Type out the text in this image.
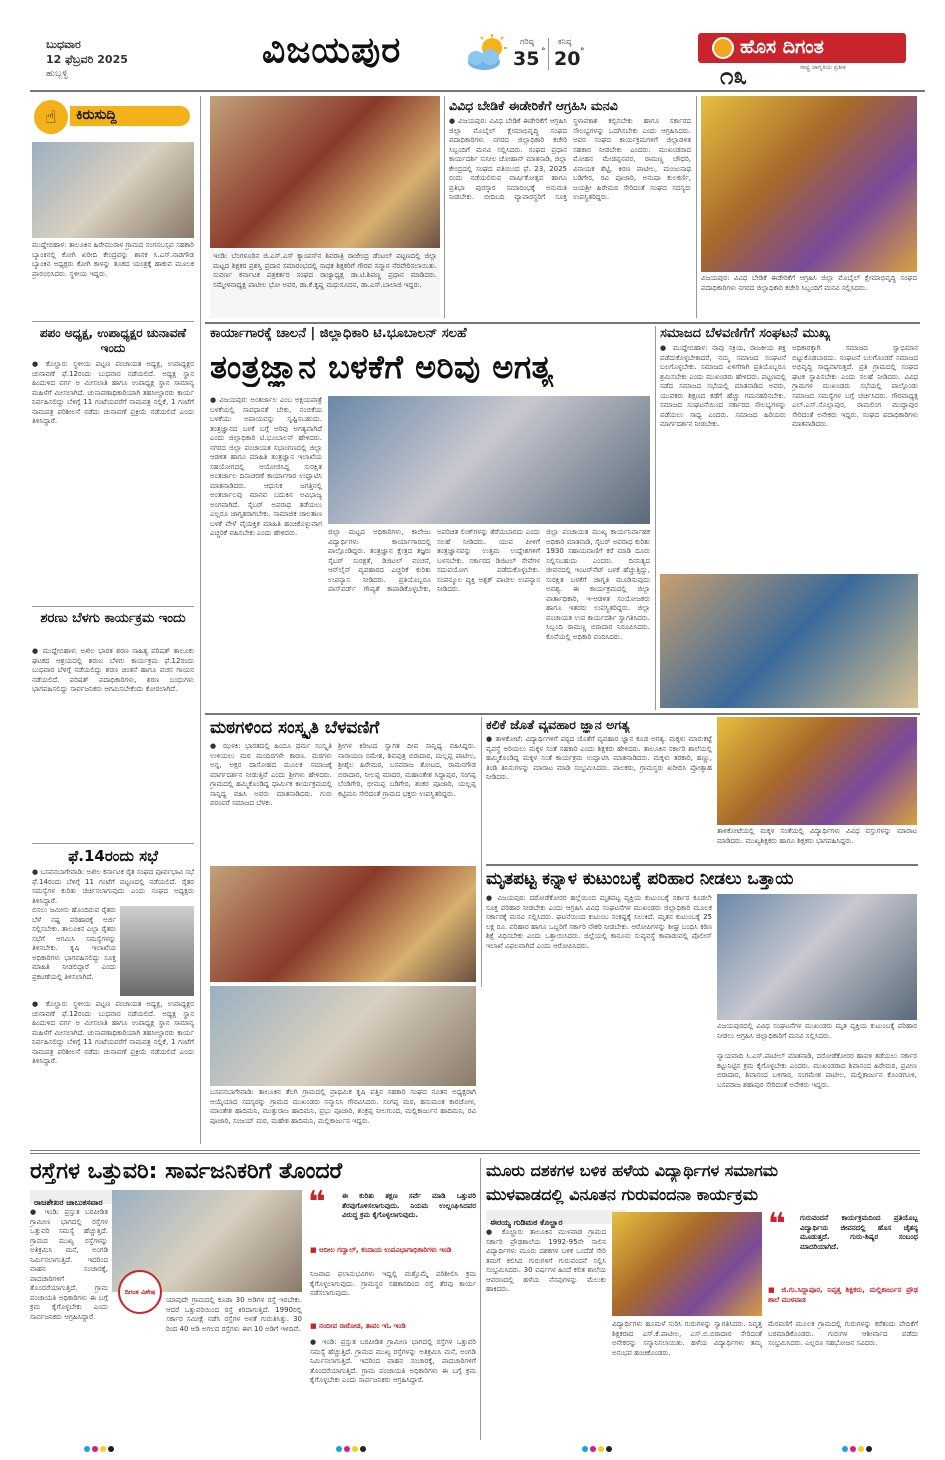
ಬುಧವಾರ
12 ಫೆಬ್ರವರಿ 2025
ಹುಬ್ಬಳ್ಳಿ
ವಿಜಯಪುರ	ಗರಿಷ್ಠ
35 °
ಕನಿಷ್ಠ
20 °	ಹೊಸ ದಿಗಂತ
ರಾಷ್ಟ್ರ ಜಾಗೃತಿಯ ಪ್ರತೀಕ
೧೩
☝	ಕಿರುಸುದ್ದಿ
ಮುದ್ದೇಬಿಹಾಳ: ತಾಲೂಕಿನ ಹಿರೇಮುರಾಳ ಗ್ರಾಮದ ಸಂಗನಬಸ್ಸವ ಸಹಕಾರಿ ಬ್ಯಾಂಕಿನಲ್ಲಿ ಕೋಗಿ ಖರೀದಿ ಕೇಂದ್ರವನ್ನು ಶಾಸಕ ಸಿ.ಎಸ್.ನಾಡಗೌಡ ಬ್ಯಾಂಕಿನ ಅಧ್ಯಕ್ಷರು ಕೋಗಿ ಕಾಳನ್ನು ತೂಕದ ಯಂತ್ರಕ್ಕೆ ಹಾಕುವ ಮೂಲಕ ಪ್ರಾರಂಭಿಸಿದರು. ಸ್ಥಳೀಯ ಇದ್ದರು.
ಪಪಂ ಅಧ್ಯಕ್ಷ, ಉಪಾಧ್ಯಕ್ಷರ ಚುನಾವಣೆ ಇಂದು
● ಕೊಲ್ಹಾರ: ಸ್ಥಳೀಯ ಪಟ್ಟಣ ಪಂಚಾಯತ ಅಧ್ಯಕ್ಷ, ಉಪಾಧ್ಯಕ್ಷರ ಚುನಾವಣೆ ಫೆ.12ರಂದು ಬುಧವಾರ ನಡೆಯಲಿದೆ. ಅಧ್ಯಕ್ಷ ಸ್ಥಾನ ಹಿಂದುಳಿದ ವರ್ಗ ಅ ಮೀಸಲಾತಿ ಹಾಗೂ ಉಪಾಧ್ಯಕ್ಷ ಸ್ಥಾನ ಸಾಮಾನ್ಯ ಮಹಿಳೆಗೆ ಮೀಸಲಾಗಿದೆ. ಚುನಾವಣಾಧಿಕಾರಿಯಾಗಿ ತಹಸೀಲ್ದಾರರು ಕಾರ್ಯ ನಿರ್ವಹಿಸಲಿದ್ದು ಬೆಳಿಗ್ಗೆ 11 ಗಂಟೆಯವರೆಗೆ ನಾಮಪತ್ರ ಸಲ್ಲಿಕೆ, 1 ಗಂಟೆಗೆ ನಾಮಪತ್ರ ಪರಿಶೀಲನೆ ನಡೆದು ಚುನಾವಣೆ ಪ್ರಕ್ರಿಯೆ ನಡೆಯಲಿದೆ ಎಂದು ತಿಳಿಸಿದ್ದಾರೆ.
ಶರಣು ಬೆಳಗು ಕಾರ್ಯಕ್ರಮ ಇಂದು
● ಮುದ್ದೇಬಿಹಾಳ: ಅಖಿಲ ಭಾರತ ಶರಣ ಸಾಹಿತ್ಯ ಪರಿಷತ್ ತಾಲೂಕು ಘಟಕದ ಆಶ್ರಯದಲ್ಲಿ ಶರಣು ಬೆಳಗು ಕಾರ್ಯಕ್ರಮ ಫೆ.12ರಂದು ಬುಧವಾರ ಬೆಳಿಗ್ಗೆ ನಡೆಯಲಿದ್ದು ಶರಣ ಚಿಂತನೆ ಹಾಗೂ ವಚನ ಗಾಯನ ನಡೆಯಲಿದೆ. ಪರಿಷತ್ ಪದಾಧಿಕಾರಿಗಳು, ಶರಣ ಬಂಧುಗಳು ಭಾಗವಹಿಸಲಿದ್ದು ಸಾರ್ವಜನಿಕರು ಆಗಮಿಸಬೇಕೆಂದು ಕೋರಲಾಗಿದೆ.
ಫೆ.14ರಂದು ಸಭೆ
● ಬಸವನಬಾಗೇವಾಡಿ: ಅಖಿಲ ಕರ್ನಾಟಕ ರೈತ ಸಂಘದ ಪೂರ್ವಭಾವಿ ಸಭೆ ಫೆ.14ರಂದು ಬೆಳಿಗ್ಗೆ 11 ಗಂಟೆಗೆ ಪಟ್ಟಣದಲ್ಲಿ ನಡೆಯಲಿದೆ. ರೈತರ ಸಮಸ್ಯೆಗಳ ಕುರಿತು ಚರ್ಚಿಸಲಾಗುವುದು ಎಂದು ಸಂಘದ ಅಧ್ಯಕ್ಷರು ತಿಳಿಸಿದ್ದಾರೆ.
ಬಿಸಲು ಜಮೀನು ಹೊಂದಿರುವ ರೈತರು ಬೆಳೆ ನಷ್ಟ ಪರಿಹಾರಕ್ಕೆ ಅರ್ಜಿ ಸಲ್ಲಿಸಬೇಕು. ತಾಲೂಕಿನ ಎಲ್ಲಾ ರೈತರು ಸಭೆಗೆ ಆಗಮಿಸಿ ಸಮಸ್ಯೆಗಳನ್ನು ತಿಳಿಸಬೇಕು. ಕೃಷಿ ಇಲಾಖೆಯ ಅಧಿಕಾರಿಗಳು ಭಾಗವಹಿಸಲಿದ್ದು ಸೂಕ್ತ ಮಾಹಿತಿ ನೀಡಲಿದ್ದಾರೆ ಎಂದು ಪ್ರಕಟಣೆಯಲ್ಲಿ ತಿಳಿಸಲಾಗಿದೆ.
● ಕೊಲ್ಹಾರ: ಸ್ಥಳೀಯ ಪಟ್ಟಣ ಪಂಚಾಯತ ಅಧ್ಯಕ್ಷ, ಉಪಾಧ್ಯಕ್ಷರ ಚುನಾವಣೆ ಫೆ.12ರಂದು ಬುಧವಾರ ನಡೆಯಲಿದೆ. ಅಧ್ಯಕ್ಷ ಸ್ಥಾನ ಹಿಂದುಳಿದ ವರ್ಗ ಅ ಮೀಸಲಾತಿ ಹಾಗೂ ಉಪಾಧ್ಯಕ್ಷ ಸ್ಥಾನ ಸಾಮಾನ್ಯ ಮಹಿಳೆಗೆ ಮೀಸಲಾಗಿದೆ. ಚುನಾವಣಾಧಿಕಾರಿಯಾಗಿ ತಹಸೀಲ್ದಾರರು ಕಾರ್ಯ ನಿರ್ವಹಿಸಲಿದ್ದು ಬೆಳಿಗ್ಗೆ 11 ಗಂಟೆಯವರೆಗೆ ನಾಮಪತ್ರ ಸಲ್ಲಿಕೆ, 1 ಗಂಟೆಗೆ ನಾಮಪತ್ರ ಪರಿಶೀಲನೆ ನಡೆದು ಚುನಾವಣೆ ಪ್ರಕ್ರಿಯೆ ನಡೆಯಲಿದೆ ಎಂದು ತಿಳಿಸಿದ್ದಾರೆ.
ಇಂಡಿ: ಬೆಂಗಳೂರಿನ ಜಿ.ಎಸ್.ಎಸ್ ಕ್ಯಾಂಪಸ್‌ನ ಶಿವರಾತ್ರಿ ರಾಜೇಂದ್ರ ಡೆಂಟಲ್ ಪಟ್ಟಣದಲ್ಲಿ ಜಿಲ್ಲಾ ಮಟ್ಟದ ಶಿಕ್ಷಕರ ಪ್ರಶಸ್ತಿ ಪ್ರದಾನ ಸಮಾರಂಭದಲ್ಲಿ ಸಾಧಕ ಶಿಕ್ಷಕರಿಗೆ ಗೌರವ ಸನ್ಮಾನ ನೆರವೇರಿಸಲಾಯಿತು. ಸುವರ್ಣ ಕರ್ನಾಟಕ ಪತ್ರಕರ್ತರ ಸಂಘದ ರಾಜ್ಯಾಧ್ಯಕ್ಷ ಡಾ.ಟಿ.ಶಿವಣ್ಣ ಪ್ರಧಾನ ಮಾಡಿದರು. ಸಮ್ಮೇಳನಾಧ್ಯಕ್ಷ ಪಾಟೀಲ ಭೋ ಅವರ, ಡಾ.ಕೆ.ಕೃಷ್ಣ ಮಧುಸೂದನ, ಡಾ.ಎಸ್.ಬಾಲಾಜಿ ಇದ್ದರು.
ವಿವಿಧ ಬೇಡಿಕೆ ಈಡೇರಿಕೆಗೆ ಆಗ್ರಹಿಸಿ ಮನವಿ
● ವಿಜಯಪುರ: ವಿವಿಧ ಬೇಡಿಕೆ ಈಡೇರಿಕೆಗೆ ಆಗ್ರಹಿಸಿ ಜಿಲ್ಲಾ ಮೊಬೈಲ್ ಕ್ಷೇಮಾಭಿವೃದ್ಧಿ ಸಂಘದ ಪದಾಧಿಕಾರಿಗಳು ನಗರದ ಜಿಲ್ಲಾಧಿಕಾರಿ ಕಚೇರಿ ಸಿಬ್ಬಂದಿಗೆ ಮನವಿ ಸಲ್ಲಿಸಿದರು. ಸಂಘದ ಪ್ರಧಾನ ಕಾರ್ಯದರ್ಶಿ ಸುನೀಲ ಚೋಹಾನ್ ಮಾತನಾಡಿ, ಜಿಲ್ಲಾ ಕೇಂದ್ರದಲ್ಲಿ ಸಂಘದ ವತಿಯಿಂದ ಫೆ. 23, 2025 ರಂದು ನಡೆಯಲಿರುವ ವಾರ್ಷಿಕೋತ್ಸವ ಹಾಗೂ ಪ್ರತಿಭಾ ಪುರಸ್ಕಾರ ಸಮಾರಂಭಕ್ಕೆ ಅನುಮತಿ ನೀಡಬೇಕು. ಬೀದಿಬದಿ ವ್ಯಾಪಾರಸ್ಥರಿಗೆ ಸೂಕ್ತ ಸ್ಥಳಾವಕಾಶ ಕಲ್ಪಿಸಬೇಕು ಹಾಗೂ ಸರ್ಕಾರದ ಸೌಲಭ್ಯಗಳನ್ನು ಒದಗಿಸಬೇಕು ಎಂದು ಆಗ್ರಹಿಸಿದರು. ಅವರ ಸಂಘದ ಕಾರ್ಯಕ್ರಮಗಳಿಗೆ ಜಿಲ್ಲಾಡಳಿತ ಸಹಕಾರ ನೀಡಬೇಕು ಎಂದರು. ಮುಖಂಡರಾದ ಮೋಹನ ಮೇಡಪ್ಪನವರ, ರಾಮಣ್ಣ ಚೌಧರಿ, ವಿನಾಯಕ ಶೆಟ್ಟಿ, ಕಿರಣ ಪಾಟೀಲ, ಮಂಜುನಾಥ ಬಡಿಗೇರ, ರವಿ ಪೂಜಾರಿ, ಅನುಷಾ ಕುಲಕರ್ಣಿ, ಜಯಶ್ರೀ ಹಿರೇಮಠ ಸೇರಿದಂತೆ ಸಂಘದ ಸದಸ್ಯರು ಉಪಸ್ಥಿತರಿದ್ದರು.
ವಿಜಯಪುರ: ವಿವಿಧ ಬೇಡಿಕೆ ಈಡೇರಿಕೆಗೆ ಆಗ್ರಹಿಸಿ ಜಿಲ್ಲಾ ಮೊಬೈಲ್ ಕ್ಷೇಮಾಭಿವೃದ್ಧಿ ಸಂಘದ ಪದಾಧಿಕಾರಿಗಳು ನಗರದ ಜಿಲ್ಲಾಧಿಕಾರಿ ಕಚೇರಿ ಸಿಬ್ಬಂದಿಗೆ ಮನವಿ ಸಲ್ಲಿಸಿದರು.
ಕಾರ್ಯಾಗಾರಕ್ಕೆ ಚಾಲನೆ | ಜಿಲ್ಲಾಧಿಕಾರಿ ಟಿ.ಭೂಬಾಲನ್ ಸಲಹೆ
ತಂತ್ರಜ್ಞಾನ ಬಳಕೆಗೆ ಅರಿವು ಅಗತ್ಯ
● ವಿಜಯಪುರ: ಅಂತರ್ಜಾಲ ಎಂಬ ಅಕ್ಷಯಪಾತ್ರೆ ಬಳಕೆಯಲ್ಲಿ ಸಾವಧಾನತೆ ಬೇಕು, ನಂಬಿಕೆಯ ಬಳಕೆಯು ಅಪಾಯವನ್ನು ಸೃಷ್ಟಿಸಬಹುದು. ತಂತ್ರಜ್ಞಾನದ ಬಳಕೆ ಬಗ್ಗೆ ಅರಿವು ಅಗತ್ಯವಾಗಿದೆ ಎಂದು ಜಿಲ್ಲಾಧಿಕಾರಿ ಟಿ.ಭೂಬಾಲನ್ ಹೇಳಿದರು. ನಗರದ ಜಿಲ್ಲಾ ಪಂಚಾಯತ ಸಭಾಂಗಣದಲ್ಲಿ ಜಿಲ್ಲಾ ಆಡಳಿತ ಹಾಗೂ ಮಾಹಿತಿ ತಂತ್ರಜ್ಞಾನ ಇಲಾಖೆಯ ಸಹಯೋಗದಲ್ಲಿ ಆಯೋಜಿಸಿದ್ದ ಸುರಕ್ಷಿತ ಅಂತರ್ಜಾಲ ದಿನಾಚರಣೆ ಕಾರ್ಯಾಗಾರ ಉದ್ಘಾಟಿಸಿ ಮಾತನಾಡಿದರು. ಆಧುನಿಕ ಜಗತ್ತಿನಲ್ಲಿ ಅಂತರ್ಜಾಲವು ಮಾನವ ಬದುಕಿನ ಅವಿಭಾಜ್ಯ ಅಂಗವಾಗಿದೆ. ಸೈಬರ್ ಅಪರಾಧ ತಡೆಯಲು ಎಲ್ಲರೂ ಜಾಗೃತರಾಗಬೇಕು. ಸಾಮಾಜಿಕ ಜಾಲತಾಣ ಬಳಕೆ ವೇಳೆ ವೈಯಕ್ತಿಕ ಮಾಹಿತಿ ಹಂಚಿಕೊಳ್ಳುವಾಗ ಎಚ್ಚರಿಕೆ ವಹಿಸಬೇಕು ಎಂದು ಹೇಳಿದರು.	ಜಿಲ್ಲಾ ಮಟ್ಟದ ಅಧಿಕಾರಿಗಳು, ಕಾಲೇಜು ವಿದ್ಯಾರ್ಥಿಗಳು ಕಾರ್ಯಾಗಾರದಲ್ಲಿ ಪಾಲ್ಗೊಂಡಿದ್ದರು. ತಂತ್ರಜ್ಞಾನ ಕ್ಷೇತ್ರದ ತಜ್ಞರು ಸೈಬರ್ ಸುರಕ್ಷತೆ, ಡಿಜಿಟಲ್ ವಂಚನೆ, ಆನ್‌ಲೈನ್ ವ್ಯವಹಾರದ ಎಚ್ಚರಿಕೆ ಕುರಿತು ಉಪನ್ಯಾಸ ನೀಡಿದರು. ಪ್ರತಿಯೊಬ್ಬರೂ ಪಾಸ್‌ವರ್ಡ್ ಗೌಪ್ಯತೆ ಕಾಪಾಡಿಕೊಳ್ಳಬೇಕು, ಅಪರಿಚಿತ ಲಿಂಕ್‌ಗಳನ್ನು ತೆರೆಯಬಾರದು ಎಂದು ಸಲಹೆ ನೀಡಿದರು. ಯುವ ಪೀಳಿಗೆ ತಂತ್ರಜ್ಞಾನವನ್ನು ಉತ್ತಮ ಉದ್ದೇಶಗಳಿಗೆ ಬಳಸಬೇಕು. ಸರ್ಕಾರದ ಡಿಜಿಟಲ್ ಸೇವೆಗಳ ಸದುಪಯೋಗ ಪಡೆದುಕೊಳ್ಳಬೇಕು. ಸಂಪನ್ಮೂಲ ವ್ಯಕ್ತಿ ಅಶ್ಪಕ್ ಪಾಟೀಲ ಉಪನ್ಯಾಸ ನೀಡಿದರು.
ಜಿಲ್ಲಾ ಪಂಚಾಯತ ಮುಖ್ಯ ಕಾರ್ಯನಿರ್ವಾಹಕ ಅಧಿಕಾರಿ ಮಾತನಾಡಿ, ಸೈಬರ್ ಅಪರಾಧ ಕುರಿತು 1930 ಸಹಾಯವಾಣಿಗೆ ಕರೆ ಮಾಡಿ ದೂರು ಸಲ್ಲಿಸಬಹುದು ಎಂದರು. ದಿನನಿತ್ಯದ ಜೀವನದಲ್ಲಿ ಇಂಟರ್‌ನೆಟ್ ಬಳಕೆ ಹೆಚ್ಚುತ್ತಿದ್ದು, ಸುರಕ್ಷಿತ ಬಳಕೆಗೆ ಜಾಗೃತಿ ಮೂಡಿಸುವುದು ಅವಶ್ಯ. ಈ ಕಾರ್ಯಕ್ರಮದಲ್ಲಿ ಜಿಲ್ಲಾ ವಾರ್ತಾಧಿಕಾರಿ, ಇ-ಆಡಳಿತ ಸಂಯೋಜಕರು ಹಾಗೂ ಇತರರು ಉಪಸ್ಥಿತರಿದ್ದರು. ಜಿಲ್ಲಾ ಪಂಚಾಯತ ಉಪ ಕಾರ್ಯದರ್ಶಿ ಸ್ವಾಗತಿಸಿದರು. ಸಿಬ್ಬಂದಿ ರಾಮಣ್ಣ ಬಿರಾದಾರ ನಿರೂಪಿಸಿದರು. ಕೊನೆಯಲ್ಲಿ ಅಧಿಕಾರಿ ವಂದಿಸಿದರು.
ಸಮಾಜದ ಬೆಳವಣಿಗೆಗೆ ಸಂಘಟನೆ ಮುಖ್ಯ
● ಮುದ್ದೇಬಿಹಾಳ: ನಾವು ಸಕ್ರಿಯ, ರಾಜಕೀಯ ಶಕ್ತಿ ಪಡೆದುಕೊಳ್ಳಬೇಕಾದರೆ, ನಮ್ಮ ಸಮಾಜದ ಸಂಘಟನೆ ಬಲಗೊಳ್ಳಬೇಕು. ಸಮಾಜದ ಏಳಿಗೆಗಾಗಿ ಪ್ರತಿಯೊಬ್ಬರೂ ಶ್ರಮಿಸಬೇಕು ಎಂದು ಮುಖಂಡರು ಹೇಳಿದರು. ಪಟ್ಟಣದಲ್ಲಿ ನಡೆದ ಸಮಾಜದ ಸಭೆಯಲ್ಲಿ ಮಾತನಾಡಿದ ಅವರು, ಯುವಕರು ಶಿಕ್ಷಣದ ಕಡೆಗೆ ಹೆಚ್ಚು ಗಮನಹರಿಸಬೇಕು. ಸಮಾಜದ ಸಂಘಟನೆಯಿಂದ ಸರ್ಕಾರದ ಸೌಲಭ್ಯಗಳನ್ನು ಪಡೆಯಲು ಸಾಧ್ಯ ಎಂದರು. ಸಮಾಜದ ಹಿರಿಯರು ಮಾರ್ಗದರ್ಶನ ನೀಡಬೇಕು.
ಅಧಿಕಾರಕ್ಕಾಗಿ ಸಮಾಜದ ಸ್ವಾಭಿಮಾನ ಬಿಟ್ಟುಕೊಡಬಾರದು. ಸಂಘಟನೆ ಬಲಗೊಂಡರೆ ಸಮಾಜದ ಅಭಿವೃದ್ಧಿ ಸಾಧ್ಯವಾಗುತ್ತದೆ. ಪ್ರತಿ ಗ್ರಾಮದಲ್ಲಿ ಸಂಘದ ಘಟಕ ಸ್ಥಾಪಿಸಬೇಕು ಎಂದು ಸಲಹೆ ನೀಡಿದರು. ವಿವಿಧ ಗ್ರಾಮಗಳ ಮುಖಂಡರು ಸಭೆಯಲ್ಲಿ ಪಾಲ್ಗೊಂಡು ಸಮಾಜದ ಸಮಸ್ಯೆಗಳ ಬಗ್ಗೆ ಚರ್ಚಿಸಿದರು. ಗೌರವಾಧ್ಯಕ್ಷ ಎಲ್.ಎಸ್.ಸೊಲ್ಲಾಪುರ, ರಾಮಲಿಂಗ ಮುದ್ದಾಪುರ ಸೇರಿದಂತೆ ಅನೇಕರು ಇದ್ದರು. ಸಂಘದ ಪದಾಧಿಕಾರಿಗಳು ಮಾತನಾಡಿದರು.
ಮಠಗಳಿಂದ ಸಂಸ್ಕೃತಿ ಬೆಳವಣಿಗೆ
● ಝಳಕಿ: ಭಾರತದಲ್ಲಿ ಹಿಂದೂ ಧರ್ಮ ಸಂಸ್ಕೃತಿ ಉಳಿಯಲು ಮಠ ಮಂದಿರಗಳೇ ಕಾರಣ. ಮಠಗಳು ಅನ್ನ, ಅಕ್ಷರ ದಾಸೋಹದ ಮೂಲಕ ಸಮಾಜಕ್ಕೆ ಮಾರ್ಗದರ್ಶನ ನೀಡುತ್ತಿವೆ ಎಂದು ಶ್ರೀಗಳು ಹೇಳಿದರು. ಗ್ರಾಮದಲ್ಲಿ ಹಮ್ಮಿಕೊಂಡಿದ್ದ ಧಾರ್ಮಿಕ ಕಾರ್ಯಕ್ರಮದಲ್ಲಿ ಸಾನ್ನಿಧ್ಯ ವಹಿಸಿ ಅವರು ಮಾತನಾಡಿದರು. ಗುರು ಪರಂಪರೆ ಸಮಾಜದ ಬೆಳಕು.
ಶ್ರೀಗಳ ಕಿರೀಟದ ಸ್ವಾಗತ ದೀಪ ಸಾನ್ನಿಧ್ಯ ವಹಿಸಿದ್ದರು. ನಾರಾಯಣ ರಮೇಶ, ಶಿವಪುತ್ರ ಬಿರಾದಾರ, ಮಲ್ಲಪ್ಪ ಪಾಟೀಲ, ಶ್ರೀಶೈಲ ಹಿರೇಮಠ, ಬಸವರಾಜ ತೋಟದ, ರಾಮನಗೌಡ ಬಿರಾದಾರ, ನೀಲಪ್ಪ ಮಾದರ, ಮಹಾಂತೇಶ ಸಿದ್ದಾಪುರ, ಸಂಗಪ್ಪ ಬೆಂಡಿಗೇರಿ, ಭೀಮಪ್ಪ ಬಡಿಗೇರ, ಶಂಕರ ಪೂಜಾರಿ, ಯಲ್ಲಪ್ಪ ಕಟ್ಟಿಮನಿ ಸೇರಿದಂತೆ ಗ್ರಾಮದ ಭಕ್ತರು ಉಪಸ್ಥಿತರಿದ್ದರು.
ಕಲಿಕೆ ಜೊತೆ ವ್ಯವಹಾರ ಜ್ಞಾನ ಅಗತ್ಯ
● ತಾಳಿಕೋಟೆ: ವಿದ್ಯಾರ್ಥಿಗಳಿಗೆ ಪಠ್ಯದ ಜೊತೆಗೆ ವ್ಯವಹಾರ ಜ್ಞಾನ ಕೂಡ ಅಗತ್ಯ. ಮಕ್ಕಳು ಮಾರುಕಟ್ಟೆ ವ್ಯವಸ್ಥೆ ಅರಿಯಲು ಮಕ್ಕಳ ಸಂತೆ ಸಹಕಾರಿ ಎಂದು ಶಿಕ್ಷಕರು ಹೇಳಿದರು. ತಾಲೂಕಿನ ಸರ್ಕಾರಿ ಶಾಲೆಯಲ್ಲಿ ಹಮ್ಮಿಕೊಂಡಿದ್ದ ಮಕ್ಕಳ ಸಂತೆ ಕಾರ್ಯಕ್ರಮ ಉದ್ಘಾಟಿಸಿ ಮಾತನಾಡಿದರು. ಮಕ್ಕಳು ತರಕಾರಿ, ಹಣ್ಣು, ತಿಂಡಿ ತಿನಿಸುಗಳನ್ನು ಮಾರಾಟ ಮಾಡಿ ಸಂಭ್ರಮಿಸಿದರು. ಪಾಲಕರು, ಗ್ರಾಮಸ್ಥರು ಖರೀದಿಸಿ ಪ್ರೋತ್ಸಾಹ ನೀಡಿದರು.
ತಾಳಿಕೋಟೆಯಲ್ಲಿ ಮಕ್ಕಳ ಸಂತೆಯಲ್ಲಿ ವಿದ್ಯಾರ್ಥಿಗಳು ವಿವಿಧ ವಸ್ತುಗಳನ್ನು ಮಾರಾಟ ಮಾಡಿದರು. ಮುಖ್ಯಶಿಕ್ಷಕರು ಹಾಗೂ ಶಿಕ್ಷಕರು ಭಾಗವಹಿಸಿದ್ದರು.
ಮೃತಪಟ್ಟ ಕನ್ನಾಳ ಕುಟುಂಬಕ್ಕೆ ಪರಿಹಾರ ನೀಡಲು ಒತ್ತಾಯ
● ವಿಜಯಪುರ: ದರೋಡೆಕೋರರ ಹಲ್ಲೆಯಿಂದ ಮೃತಪಟ್ಟ ವ್ಯಕ್ತಿಯ ಕುಟುಂಬಕ್ಕೆ ಸರ್ಕಾರ ಕೂಡಲೇ ಸೂಕ್ತ ಪರಿಹಾರ ನೀಡಬೇಕು ಎಂದು ಆಗ್ರಹಿಸಿ ವಿವಿಧ ಸಂಘಟನೆಗಳ ಮುಖಂಡರು ಜಿಲ್ಲಾಧಿಕಾರಿ ಮೂಲಕ ಸರ್ಕಾರಕ್ಕೆ ಮನವಿ ಸಲ್ಲಿಸಿದರು. ಘಟನೆಯಿಂದ ಕುಟುಂಬ ಸಂಕಷ್ಟಕ್ಕೆ ಸಿಲುಕಿದೆ. ಮೃತನ ಕುಟುಂಬಕ್ಕೆ 25 ಲಕ್ಷ ರೂ. ಪರಿಹಾರ ಹಾಗೂ ಒಬ್ಬರಿಗೆ ಸರ್ಕಾರಿ ನೌಕರಿ ನೀಡಬೇಕು. ಆರೋಪಿಗಳನ್ನು ಶೀಘ್ರ ಬಂಧಿಸಿ ಕಠಿಣ ಶಿಕ್ಷೆ ವಿಧಿಸಬೇಕು ಎಂದು ಒತ್ತಾಯಿಸಿದರು. ಜಿಲ್ಲೆಯಲ್ಲಿ ಕಾನೂನು ಸುವ್ಯವಸ್ಥೆ ಕಾಪಾಡುವಲ್ಲಿ ಪೊಲೀಸ್ ಇಲಾಖೆ ವಿಫಲವಾಗಿದೆ ಎಂದು ಆರೋಪಿಸಿದರು.
ವಿಜಯಪುರದಲ್ಲಿ ವಿವಿಧ ಸಂಘಟನೆಗಳ ಮುಖಂಡರು ಮೃತ ವ್ಯಕ್ತಿಯ ಕುಟುಂಬಕ್ಕೆ ಪರಿಹಾರ ನೀಡಲು ಆಗ್ರಹಿಸಿ ಜಿಲ್ಲಾಧಿಕಾರಿಗೆ ಮನವಿ ಸಲ್ಲಿಸಿದರು.
ನ್ಯಾಯವಾದಿ ಸಿ.ಎಸ್.ಪಾಟೀಲ್ ಮಾತನಾಡಿ, ದರೋಡೆಕೋರರ ಹಾವಳಿ ತಡೆಯಲು ಸರ್ಕಾರ ಕಟ್ಟುನಿಟ್ಟಿನ ಕ್ರಮ ಕೈಗೊಳ್ಳಬೇಕು ಎಂದರು. ಮುಖಂಡರಾದ ಶಿವಾನಂದ ಹಿರೇಮಠ, ಪ್ರವೀಣ ಬಿರಾದಾರ, ಶಿವಾನಂದ ಬಳಿಗಾರ, ಸಂಗಮೇಶ ಪಾಟೀಲ, ಮಲ್ಲಿಕಾರ್ಜುನ ಕೊಂಡಗೂಳಿ, ಬಸವರಾಜ ಶಹಾಪುರ ಸೇರಿದಂತೆ ಅನೇಕರು ಇದ್ದರು.
ಬಸವನಬಾಗೇವಾಡಿ: ತಾಲೂಕಿನ ತೆಲಗಿ ಗ್ರಾಮದಲ್ಲಿ ಪ್ರಾಥಮಿಕ ಕೃಷಿ ಪತ್ತಿನ ಸಹಕಾರಿ ಸಂಘದ ನೂತನ ಅಧ್ಯಕ್ಷರಾಗಿ ಆಯ್ಕೆಯಾದ ಸದಸ್ಯರನ್ನು ಗ್ರಾಮದ ಮುಖಂಡರು ಸನ್ಮಾನಿಸಿ ಗೌರವಿಸಿದರು. ಸಂಗಪ್ಪ ಮಠ, ಹನುಮಂತ ಕಾರಜೋಳ, ಮಾಂತೇಶ ಹಾದಿಮನಿ, ಮುತ್ತುರಾಜ ಹಾದಿಮನಿ, ಪ್ರಭು ಪೂಜಾರಿ, ಶಂಕ್ರಪ್ಪ ನೀಲಗುಂದ, ಮಲ್ಲಿಕಾರ್ಜುನ ಹಾದಿಮನಿ, ರವಿ ಪೂಜಾರಿ, ಸಂಜಯ್ ಮಠ, ಮಹೇಶ ಹಾದಿಮನಿ, ಮಲ್ಲಿಕಾರ್ಜುನ ಇದ್ದರು.
ರಸ್ತೆಗಳ ಒತ್ತುವರಿ: ಸಾರ್ವಜನಿಕರಿಗೆ ತೊಂದರೆ
ರಾಜಶೇಖರ ಚಾಬುಕಸವಾರ
● ಇಂಡಿ: ಪ್ರಸ್ತುತ ಬರಪೀಡಿತ ಗ್ರಾಮೀಣ ಭಾಗದಲ್ಲಿ ರಸ್ತೆಗಳ ಒತ್ತುವರಿ ಸಮಸ್ಯೆ ಹೆಚ್ಚುತ್ತಿದೆ. ಗ್ರಾಮದ ಮುಖ್ಯ ರಸ್ತೆಗಳನ್ನು ಅತಿಕ್ರಮಿಸಿ ಮನೆ, ಅಂಗಡಿ ನಿರ್ಮಿಸಲಾಗುತ್ತಿದೆ. ಇದರಿಂದ ವಾಹನ ಸಂಚಾರಕ್ಕೆ, ಪಾದಚಾರಿಗಳಿಗೆ ತೊಂದರೆಯಾಗುತ್ತಿದೆ. ಗ್ರಾಮ ಪಂಚಾಯತಿ ಅಧಿಕಾರಿಗಳು ಈ ಬಗ್ಗೆ ಕ್ರಮ ಕೈಗೊಳ್ಳಬೇಕು ಎಂದು ಸಾರ್ವಜನಿಕರು ಆಗ್ರಹಿಸಿದ್ದಾರೆ.
ದಿಗಂತ ವಿಶೇಷ
ಯಾವುದೇ ಗ್ರಾಮದಲ್ಲಿ ಕೂಡಾ 30 ಅಡಿಗಳ ರಸ್ತೆ ಇರಬೇಕು. ಆದರೆ ಒತ್ತುವರಿಯಿಂದ ರಸ್ತೆ ಕಿರಿದಾಗುತ್ತಿದೆ. 1990ರಲ್ಲಿ ಸರ್ಕಾರ ಸಮೀಕ್ಷೆ ನಡೆಸಿ ರಸ್ತೆಗಳ ಅಳತೆ ಗುರುತಿಸಿತ್ತು. 30 ರಿಂದ 40 ಅಡಿ ಅಗಲದ ರಸ್ತೆಗಳು ಈಗ 10 ಅಡಿಗೆ ಇಳಿದಿವೆ.
❝ ಈ ಕುರಿತು ತಕ್ಷಣ ಸರ್ವೆ ಮಾಡಿ ಒತ್ತುವರಿ ತೆರವುಗೊಳಿಸಲಾಗುವುದು. ನಿಯಮ ಉಲ್ಲಂಘಿಸಿದವರ ವಿರುದ್ಧ ಕ್ರಮ ಕೈಗೊಳ್ಳಲಾಗುವುದು.
■ ಆದೀಲ ಗದ್ವಾಲ್, ಕಂದಾಯ ಉಪವಿಭಾಗಾಧಿಕಾರಿಗಳು ಇಂಡಿ
ನಿಜವಾದ ಫಲಾನುಭವಿಗಳು ಇದ್ದಲ್ಲಿ ಮತ್ತೊಮ್ಮೆ ಪರಿಶೀಲಿಸಿ ಕ್ರಮ ಕೈಗೊಳ್ಳಲಾಗುವುದು. ಗ್ರಾಮಸ್ಥರ ಸಹಕಾರದಿಂದ ರಸ್ತೆ ತೆರವು ಕಾರ್ಯ ನಡೆಸಲಾಗುವುದು.
■ ನಂದೀಪ ರಾಠೋಡ, ತಾಪಂ ಇಓ ಇಂಡಿ
● ಇಂಡಿ: ಪ್ರಸ್ತುತ ಬರಪೀಡಿತ ಗ್ರಾಮೀಣ ಭಾಗದಲ್ಲಿ ರಸ್ತೆಗಳ ಒತ್ತುವರಿ ಸಮಸ್ಯೆ ಹೆಚ್ಚುತ್ತಿದೆ. ಗ್ರಾಮದ ಮುಖ್ಯ ರಸ್ತೆಗಳನ್ನು ಅತಿಕ್ರಮಿಸಿ ಮನೆ, ಅಂಗಡಿ ನಿರ್ಮಿಸಲಾಗುತ್ತಿದೆ. ಇದರಿಂದ ವಾಹನ ಸಂಚಾರಕ್ಕೆ, ಪಾದಚಾರಿಗಳಿಗೆ ತೊಂದರೆಯಾಗುತ್ತಿದೆ. ಗ್ರಾಮ ಪಂಚಾಯತಿ ಅಧಿಕಾರಿಗಳು ಈ ಬಗ್ಗೆ ಕ್ರಮ ಕೈಗೊಳ್ಳಬೇಕು ಎಂದು ಸಾರ್ವಜನಿಕರು ಆಗ್ರಹಿಸಿದ್ದಾರೆ.
ಮೂರು ದಶಕಗಳ ಬಳಿಕ ಹಳೆಯ ವಿದ್ಯಾರ್ಥಿಗಳ ಸಮಾಗಮ
ಮುಳವಾಡದಲ್ಲಿ ವಿನೂತನ ಗುರುವಂದನಾ ಕಾರ್ಯಕ್ರಮ
ಈರಯ್ಯ ಗುಡಿಮಠ ಕೊಲ್ಹಾರ
● ಕೊಲ್ಹಾರ: ತಾಲೂಕಿನ ಮುಳವಾಡ ಗ್ರಾಮದ ಸರ್ಕಾರಿ ಪ್ರೌಢಶಾಲೆಯ 1992-95ನೇ ಸಾಲಿನ ವಿದ್ಯಾರ್ಥಿಗಳು ಮೂರು ದಶಕಗಳ ಬಳಿಕ ಒಂದೆಡೆ ಸೇರಿ ತಮಗೆ ಕಲಿಸಿದ ಗುರುಗಳಿಗೆ ಗುರುವಂದನೆ ಸಲ್ಲಿಸಿ ಸಂಭ್ರಮಿಸಿದರು. 30 ವರ್ಷಗಳ ಹಿಂದೆ ಕಲಿತ ಶಾಲೆಯ ಆವರಣದಲ್ಲಿ ಹಳೆಯ ನೆನಪುಗಳನ್ನು ಮೆಲುಕು ಹಾಕಿದರು.
ವಿದ್ಯಾರ್ಥಿಗಳು ಹೂಮಳೆ ಸುರಿಸಿ ಗುರುಗಳನ್ನು ಸ್ವಾಗತಿಸಿದರು. ನಿವೃತ್ತ ಶಿಕ್ಷಕರಾದ ಎಸ್.ಕೆ.ಪಾಟೀಲ, ಎಸ್.ಬಿ.ಬಿರಾದಾರ ಸೇರಿದಂತೆ ಅನೇಕರನ್ನು ಸನ್ಮಾನಿಸಲಾಯಿತು. ಹಳೆಯ ವಿದ್ಯಾರ್ಥಿಗಳು ತಮ್ಮ ಅನುಭವ ಹಂಚಿಕೊಂಡರು.
❝ ಗುರುವಂದನೆ ಕಾರ್ಯಕ್ರಮದಿಂದ ಪ್ರತಿಯೊಬ್ಬ ವಿದ್ಯಾರ್ಥಿಯ ಜೀವನದಲ್ಲಿ ಹೊಸ ಚೈತನ್ಯ ಮೂಡುತ್ತದೆ. ಗುರು-ಶಿಷ್ಯರ ಸಂಬಂಧ ಮಾದರಿಯಾಗಿದೆ.
■ ಜಿ.ಗು.ಸಿದ್ದಾಪೂರ, ನಿವೃತ್ತ ಶಿಕ್ಷಕರು, ಮಲ್ಲಿಕಾರ್ಜುನ ಪ್ರೌಢ ಶಾಲೆ ಮುಳವಾಡ
ಮೆರವಣಿಗೆ ಮೂಲಕ ಗ್ರಾಮದಲ್ಲಿ ಗುರುಗಳನ್ನು ಕರೆತಂದು ವೇದಿಕೆಗೆ ಬರಮಾಡಿಕೊಂಡರು. ಗುರುಗಳ ಆಶೀರ್ವಾದ ಪಡೆದು ಸಂಭ್ರಮಿಸಿದರು. ಎಲ್ಲರೂ ಸಹಭೋಜನ ಸವಿದರು.
